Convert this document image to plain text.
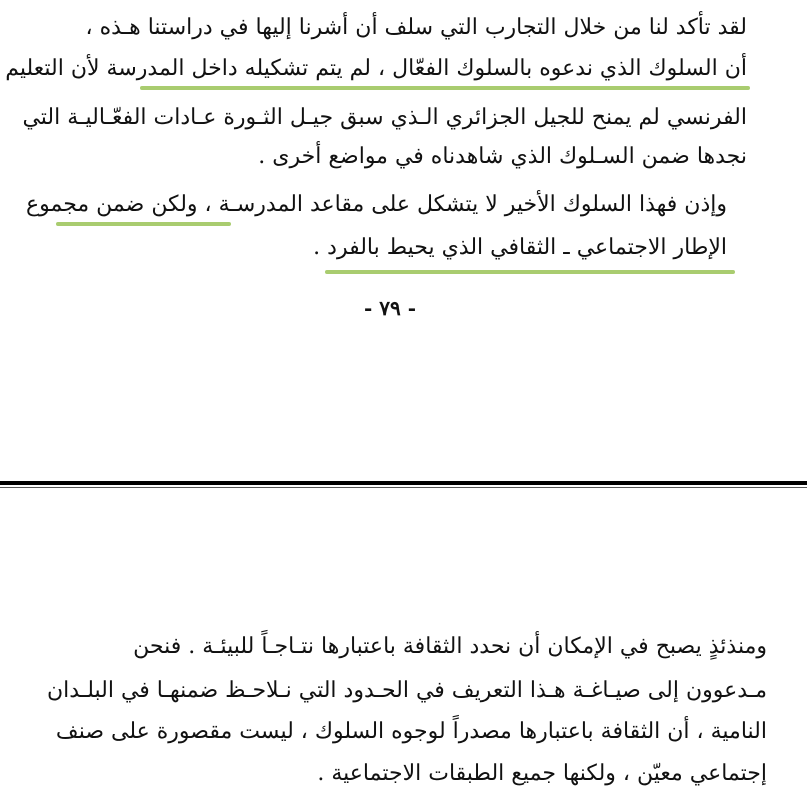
لقد تأكد لنا من خلال التجارب التي سلف أن أشرنا إليها في دراستنا هـذه ،
أن السلوك الذي ندعوه بالسلوك الفعّال ، لم يتم تشكيله داخل المدرسة لأن التعليم
الفرنسي لم يمنح للجيل الجزائري الـذي سبق جيـل الثـورة عـادات الفعّـاليـة التي
نجدها ضمن السـلوك الذي شاهدناه في مواضع أخرى .
وإذن فهذا السلوك الأخير لا يتشكل على مقاعد المدرسـة ، ولكن ضمن مجموع
الإطار الاجتماعي ـ الثقافي الذي يحيط بالفرد .
- ٧٩ -
ومنذئذٍ يصبح في الإمكان أن نحدد الثقافة باعتبارها نتـاجـاً للبيئـة . فنحن
مـدعوون إلى صيـاغـة هـذا التعريف في الحـدود التي نـلاحـظ ضمنهـا في البلـدان
النامية ، أن الثقافة باعتبارها مصدراً لوجوه السلوك ، ليست مقصورة على صنف
إجتماعي معيّن ، ولكنها جميع الطبقات الاجتماعية .
